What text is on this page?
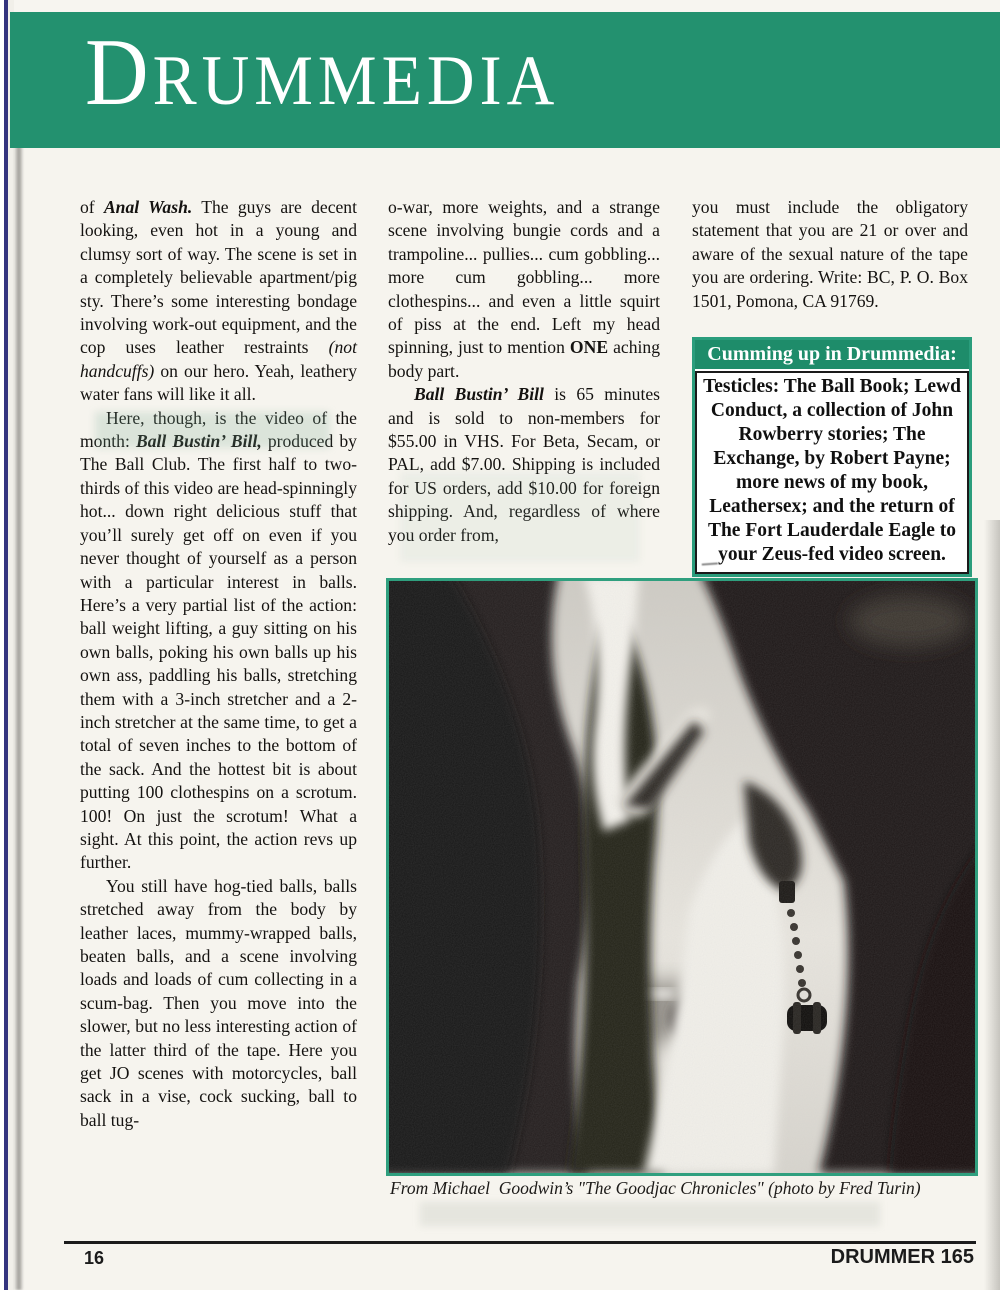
DRUMMEDIA

of Anal Wash. The guys are decent looking, even hot in a young and clumsy sort of way. The scene is set in a completely believable apartment/pig sty. There’s some interesting bondage involving work-out equipment, and the cop uses leather restraints (not handcuffs) on our hero. Yeah, leathery water fans will like it all.

Here, though, is the video of the month: Ball Bustin’ Bill, produced by The Ball Club. The first half to two-thirds of this video are head-spinningly hot... down right delicious stuff that you’ll surely get off on even if you never thought of yourself as a person with a particular interest in balls. Here’s a very partial list of the action: ball weight lifting, a guy sitting on his own balls, poking his own balls up his own ass, paddling his balls, stretching them with a 3-inch stretcher and a 2-inch stretcher at the same time, to get a total of seven inches to the bottom of the sack. And the hottest bit is about putting 100 clothespins on a scrotum. 100! On just the scrotum! What a sight. At this point, the action revs up further.

You still have hog-tied balls, balls stretched away from the body by leather laces, mummy-wrapped balls, beaten balls, and a scene involving loads and loads of cum collecting in a scum-bag. Then you move into the slower, but no less interesting action of the latter third of the tape. Here you get JO scenes with motorcycles, ball sack in a vise, cock sucking, ball to ball tug-

o-war, more weights, and a strange scene involving bungie cords and a trampoline... pullies... cum gobbling... more cum gobbling... more clothespins... and even a little squirt of piss at the end. Left my head spinning, just to mention ONE aching body part.

Ball Bustin’ Bill is 65 minutes and is sold to non-members for $55.00 in VHS. For Beta, Secam, or PAL, add $7.00. Shipping is included for US orders, add $10.00 for foreign shipping. And, regardless of where you order from,

you must include the obligatory statement that you are 21 or over and aware of the sexual nature of the tape you are ordering. Write: BC, P. O. Box 1501, Pomona, CA 91769.

Cumming up in Drummedia:
Testicles: The Ball Book; Lewd Conduct, a collection of John Rowberry stories; The Exchange, by Robert Payne; more news of my book, Leathersex; and the return of The Fort Lauderdale Eagle to your Zeus-fed video screen.
From Michael  Goodwin’s "The Goodjac Chronicles" (photo by Fred Turin)
16	DRUMMER 165
